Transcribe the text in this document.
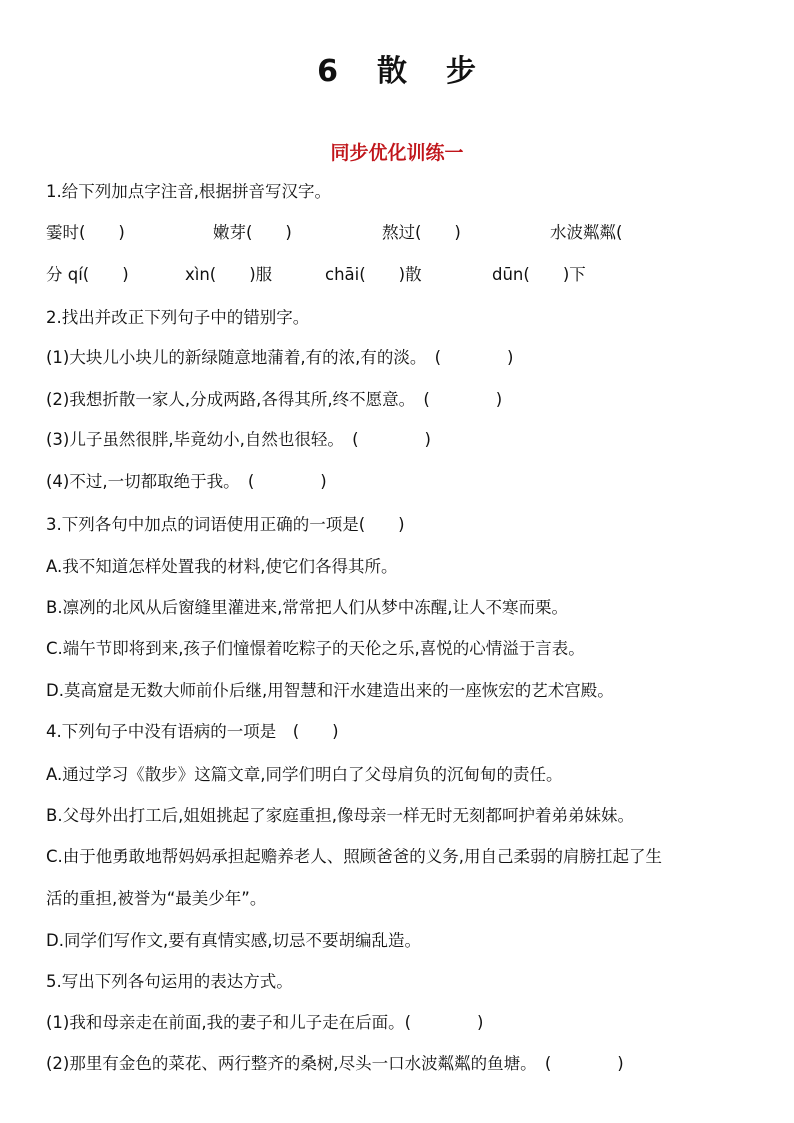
6 散 步
同步优化训练一
1.给下列加点字注音,根据拼音写汉字。
霎时(　　)	嫩芽(　　)	熬过(　　)	水波粼粼(
分 qí(　　)	xìn(　　)服	chāi(　　)散	dūn(　　)下
2.找出并改正下列句子中的错别字。
(1)大块儿小块儿的新绿随意地蒲着,有的浓,有的淡。　(　　　　)
(2)我想折散一家人,分成两路,各得其所,终不愿意。　(　　　　)
(3)儿子虽然很胖,毕竟幼小,自然也很轻。　(　　　　)
(4)不过,一切都取绝于我。　(　　　　)
3.下列各句中加点的词语使用正确的一项是(　　)
A.我不知道怎样处置我的材料,使它们各得其所。
B.凛冽的北风从后窗缝里灌进来,常常把人们从梦中冻醒,让人不寒而栗。
C.端午节即将到来,孩子们憧憬着吃粽子的天伦之乐,喜悦的心情溢于言表。
D.莫高窟是无数大师前仆后继,用智慧和汗水建造出来的一座恢宏的艺术宫殿。
4.下列句子中没有语病的一项是　(　　)
A.通过学习《散步》这篇文章,同学们明白了父母肩负的沉甸甸的责任。
B.父母外出打工后,姐姐挑起了家庭重担,像母亲一样无时无刻都呵护着弟弟妹妹。
C.由于他勇敢地帮妈妈承担起赡养老人、照顾爸爸的义务,用自己柔弱的肩膀扛起了生
活的重担,被誉为“最美少年”。
D.同学们写作文,要有真情实感,切忌不要胡编乱造。
5.写出下列各句运用的表达方式。
(1)我和母亲走在前面,我的妻子和儿子走在后面。(　　　　)
(2)那里有金色的菜花、两行整齐的桑树,尽头一口水波粼粼的鱼塘。　(　　　　)
